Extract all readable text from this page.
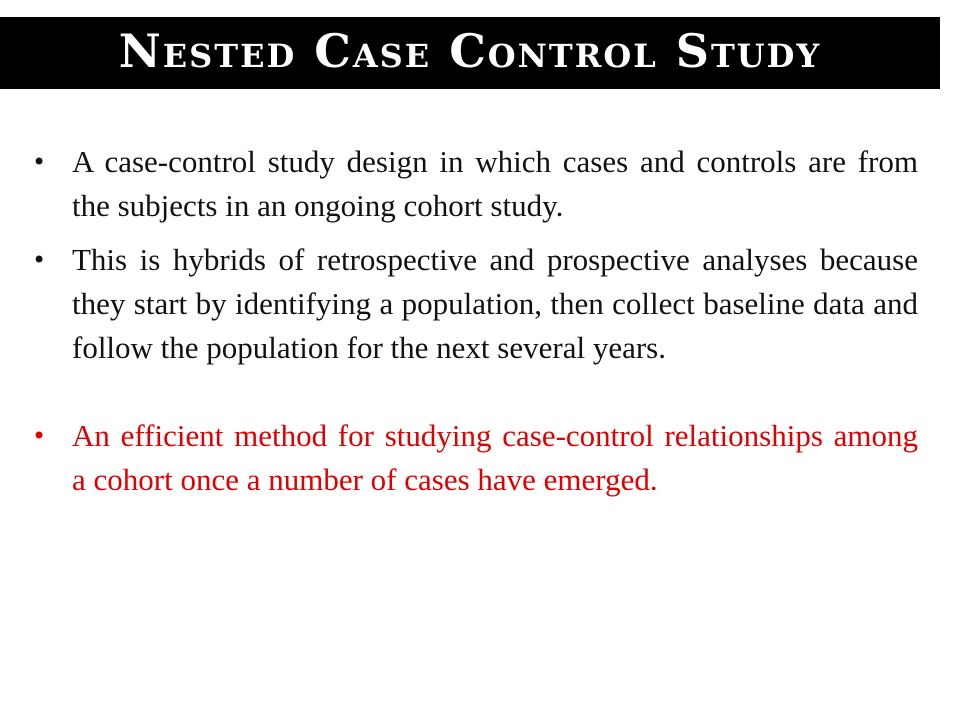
Nested Case Control Study
• A case-control study design in which cases and controls are from the subjects in an ongoing cohort study.
• This is hybrids of retrospective and prospective analyses because they start by identifying a population, then collect baseline data and follow the population for the next several years.
• An efficient method for studying case-control relationships among a cohort once a number of cases have emerged.
